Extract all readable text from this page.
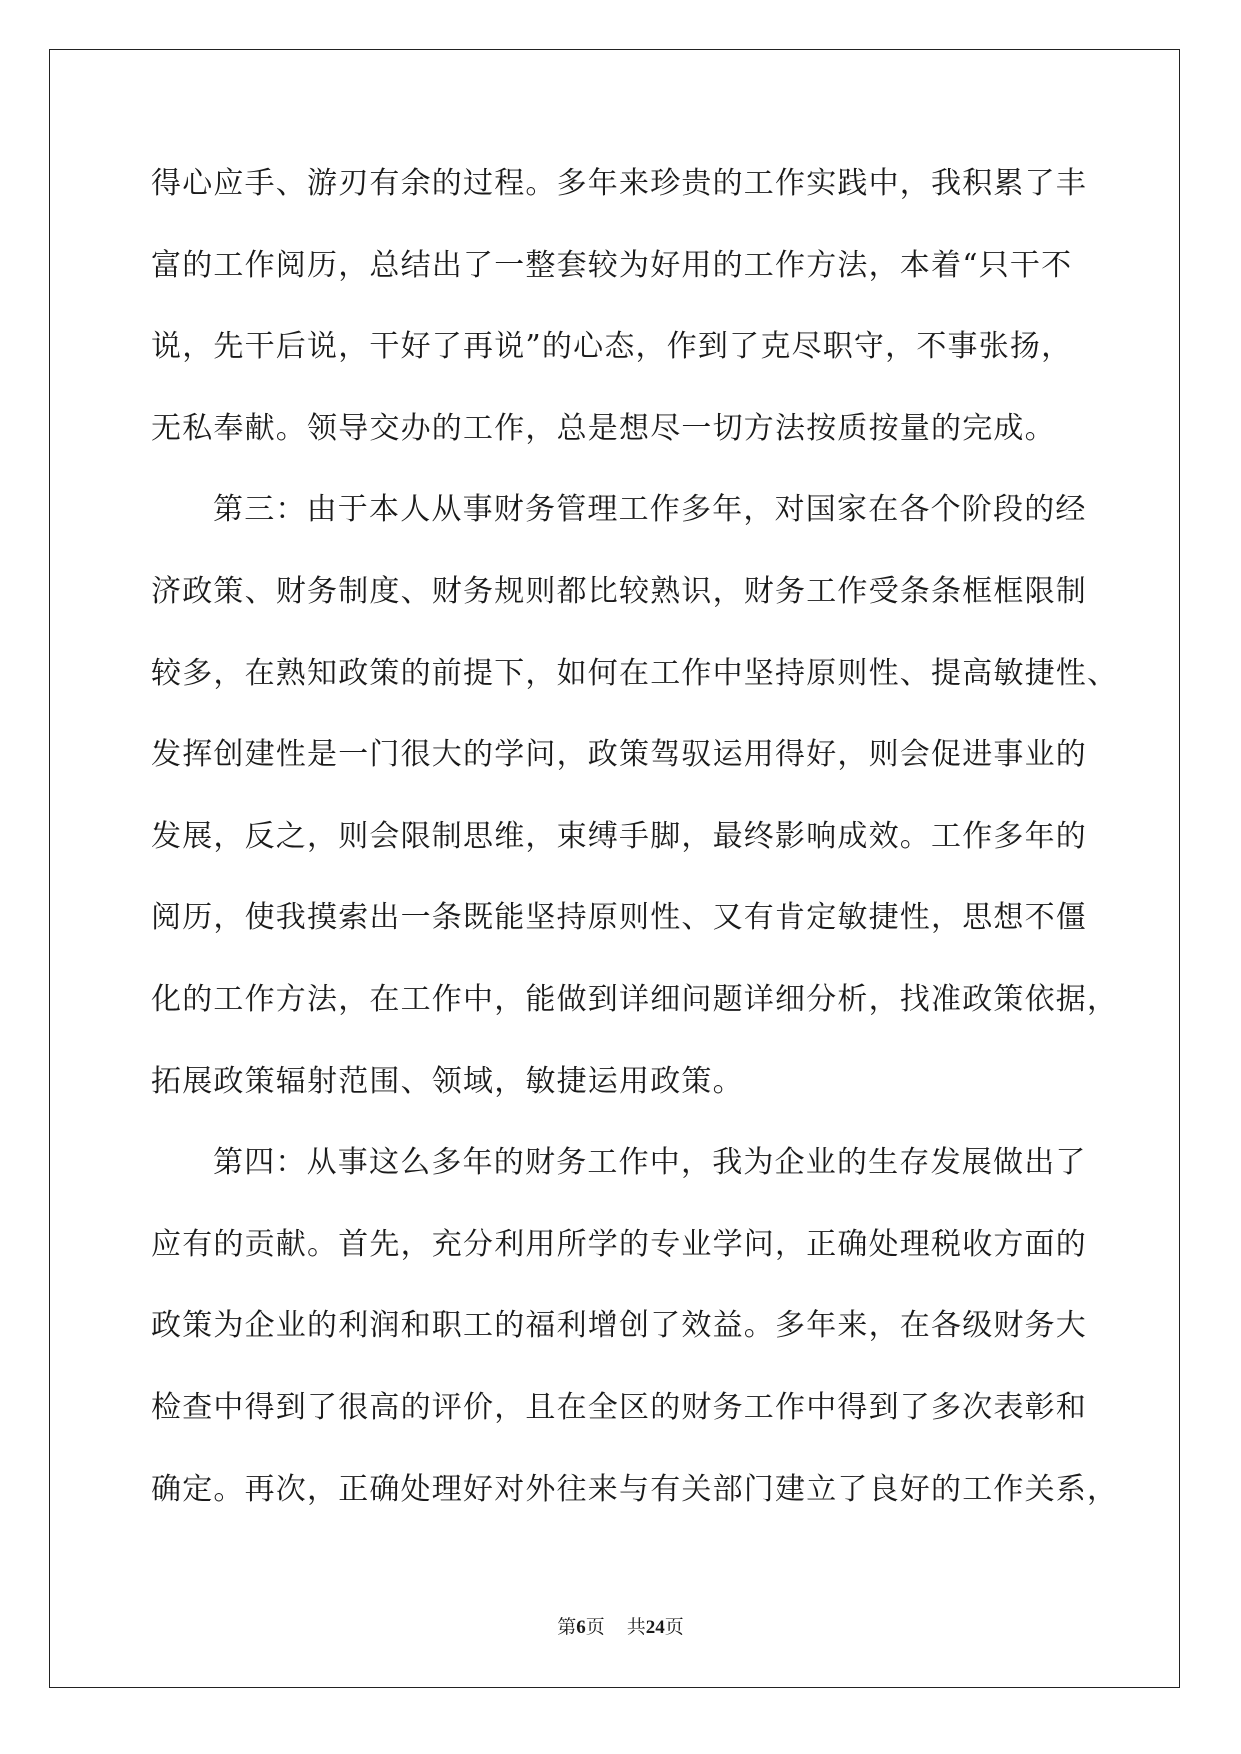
得心应手、游刃有余的过程。多年来珍贵的工作实践中，我积累了丰
富的工作阅历，总结出了一整套较为好用的工作方法，本着“只干不
说，先干后说，干好了再说”的心态，作到了克尽职守，不事张扬，
无私奉献。领导交办的工作，总是想尽一切方法按质按量的完成。
第三：由于本人从事财务管理工作多年，对国家在各个阶段的经
济政策、财务制度、财务规则都比较熟识，财务工作受条条框框限制
较多，在熟知政策的前提下，如何在工作中坚持原则性、提高敏捷性、
发挥创建性是一门很大的学问，政策驾驭运用得好，则会促进事业的
发展，反之，则会限制思维，束缚手脚，最终影响成效。工作多年的
阅历，使我摸索出一条既能坚持原则性、又有肯定敏捷性，思想不僵
化的工作方法，在工作中，能做到详细问题详细分析，找准政策依据，
拓展政策辐射范围、领域，敏捷运用政策。
第四：从事这么多年的财务工作中，我为企业的生存发展做出了
应有的贡献。首先，充分利用所学的专业学问，正确处理税收方面的
政策为企业的利润和职工的福利增创了效益。多年来，在各级财务大
检查中得到了很高的评价，且在全区的财务工作中得到了多次表彰和
确定。再次，正确处理好对外往来与有关部门建立了良好的工作关系，
第6页 共24页
